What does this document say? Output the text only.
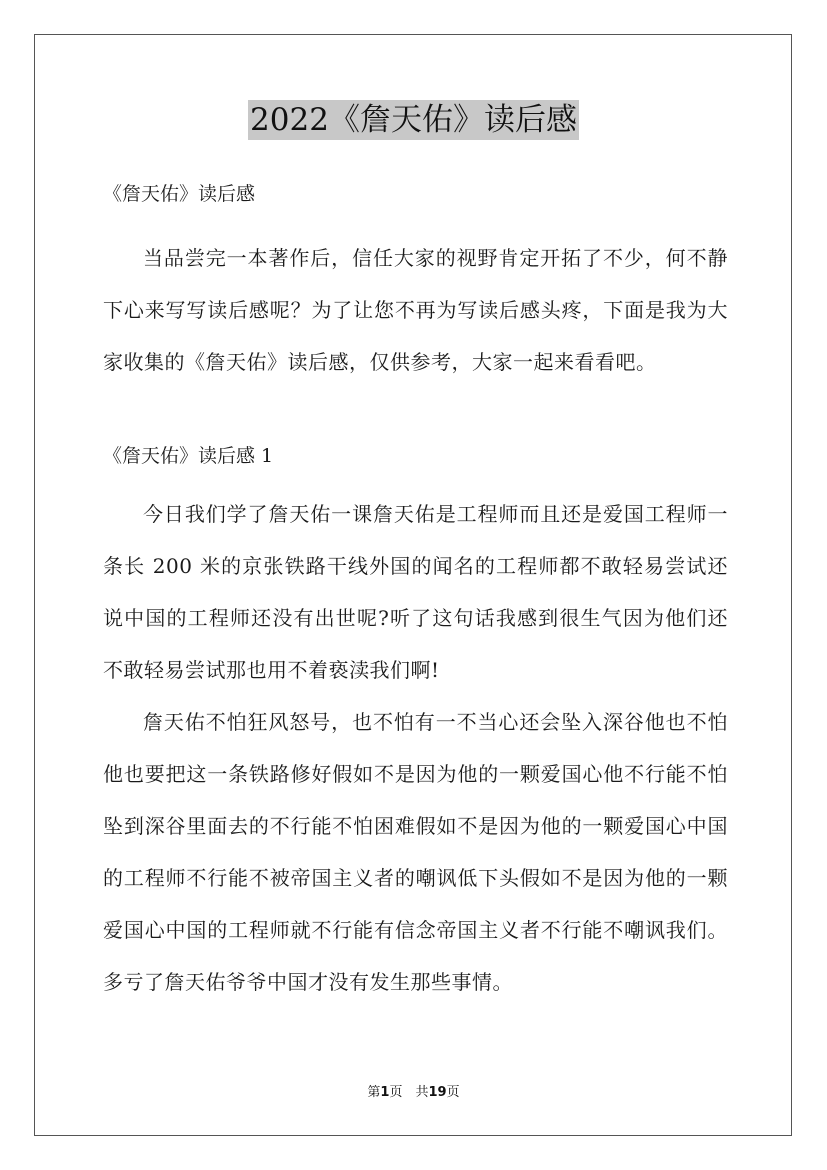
2022《詹天佑》读后感

《詹天佑》读后感

当品尝完一本著作后，信任大家的视野肯定开拓了不少，何不静下心来写写读后感呢？为了让您不再为写读后感头疼，下面是我为大家收集的《詹天佑》读后感，仅供参考，大家一起来看看吧。

《詹天佑》读后感 1

今日我们学了詹天佑一课詹天佑是工程师而且还是爱国工程师一条长 200 米的京张铁路干线外国的闻名的工程师都不敢轻易尝试还说中国的工程师还没有出世呢?听了这句话我感到很生气因为他们还不敢轻易尝试那也用不着亵渎我们啊!

詹天佑不怕狂风怒号，也不怕有一不当心还会坠入深谷他也不怕他也要把这一条铁路修好假如不是因为他的一颗爱国心他不行能不怕坠到深谷里面去的不行能不怕困难假如不是因为他的一颗爱国心中国的工程师不行能不被帝国主义者的嘲讽低下头假如不是因为他的一颗爱国心中国的工程师就不行能有信念帝国主义者不行能不嘲讽我们。多亏了詹天佑爷爷中国才没有发生那些事情。

第1页　共19页
